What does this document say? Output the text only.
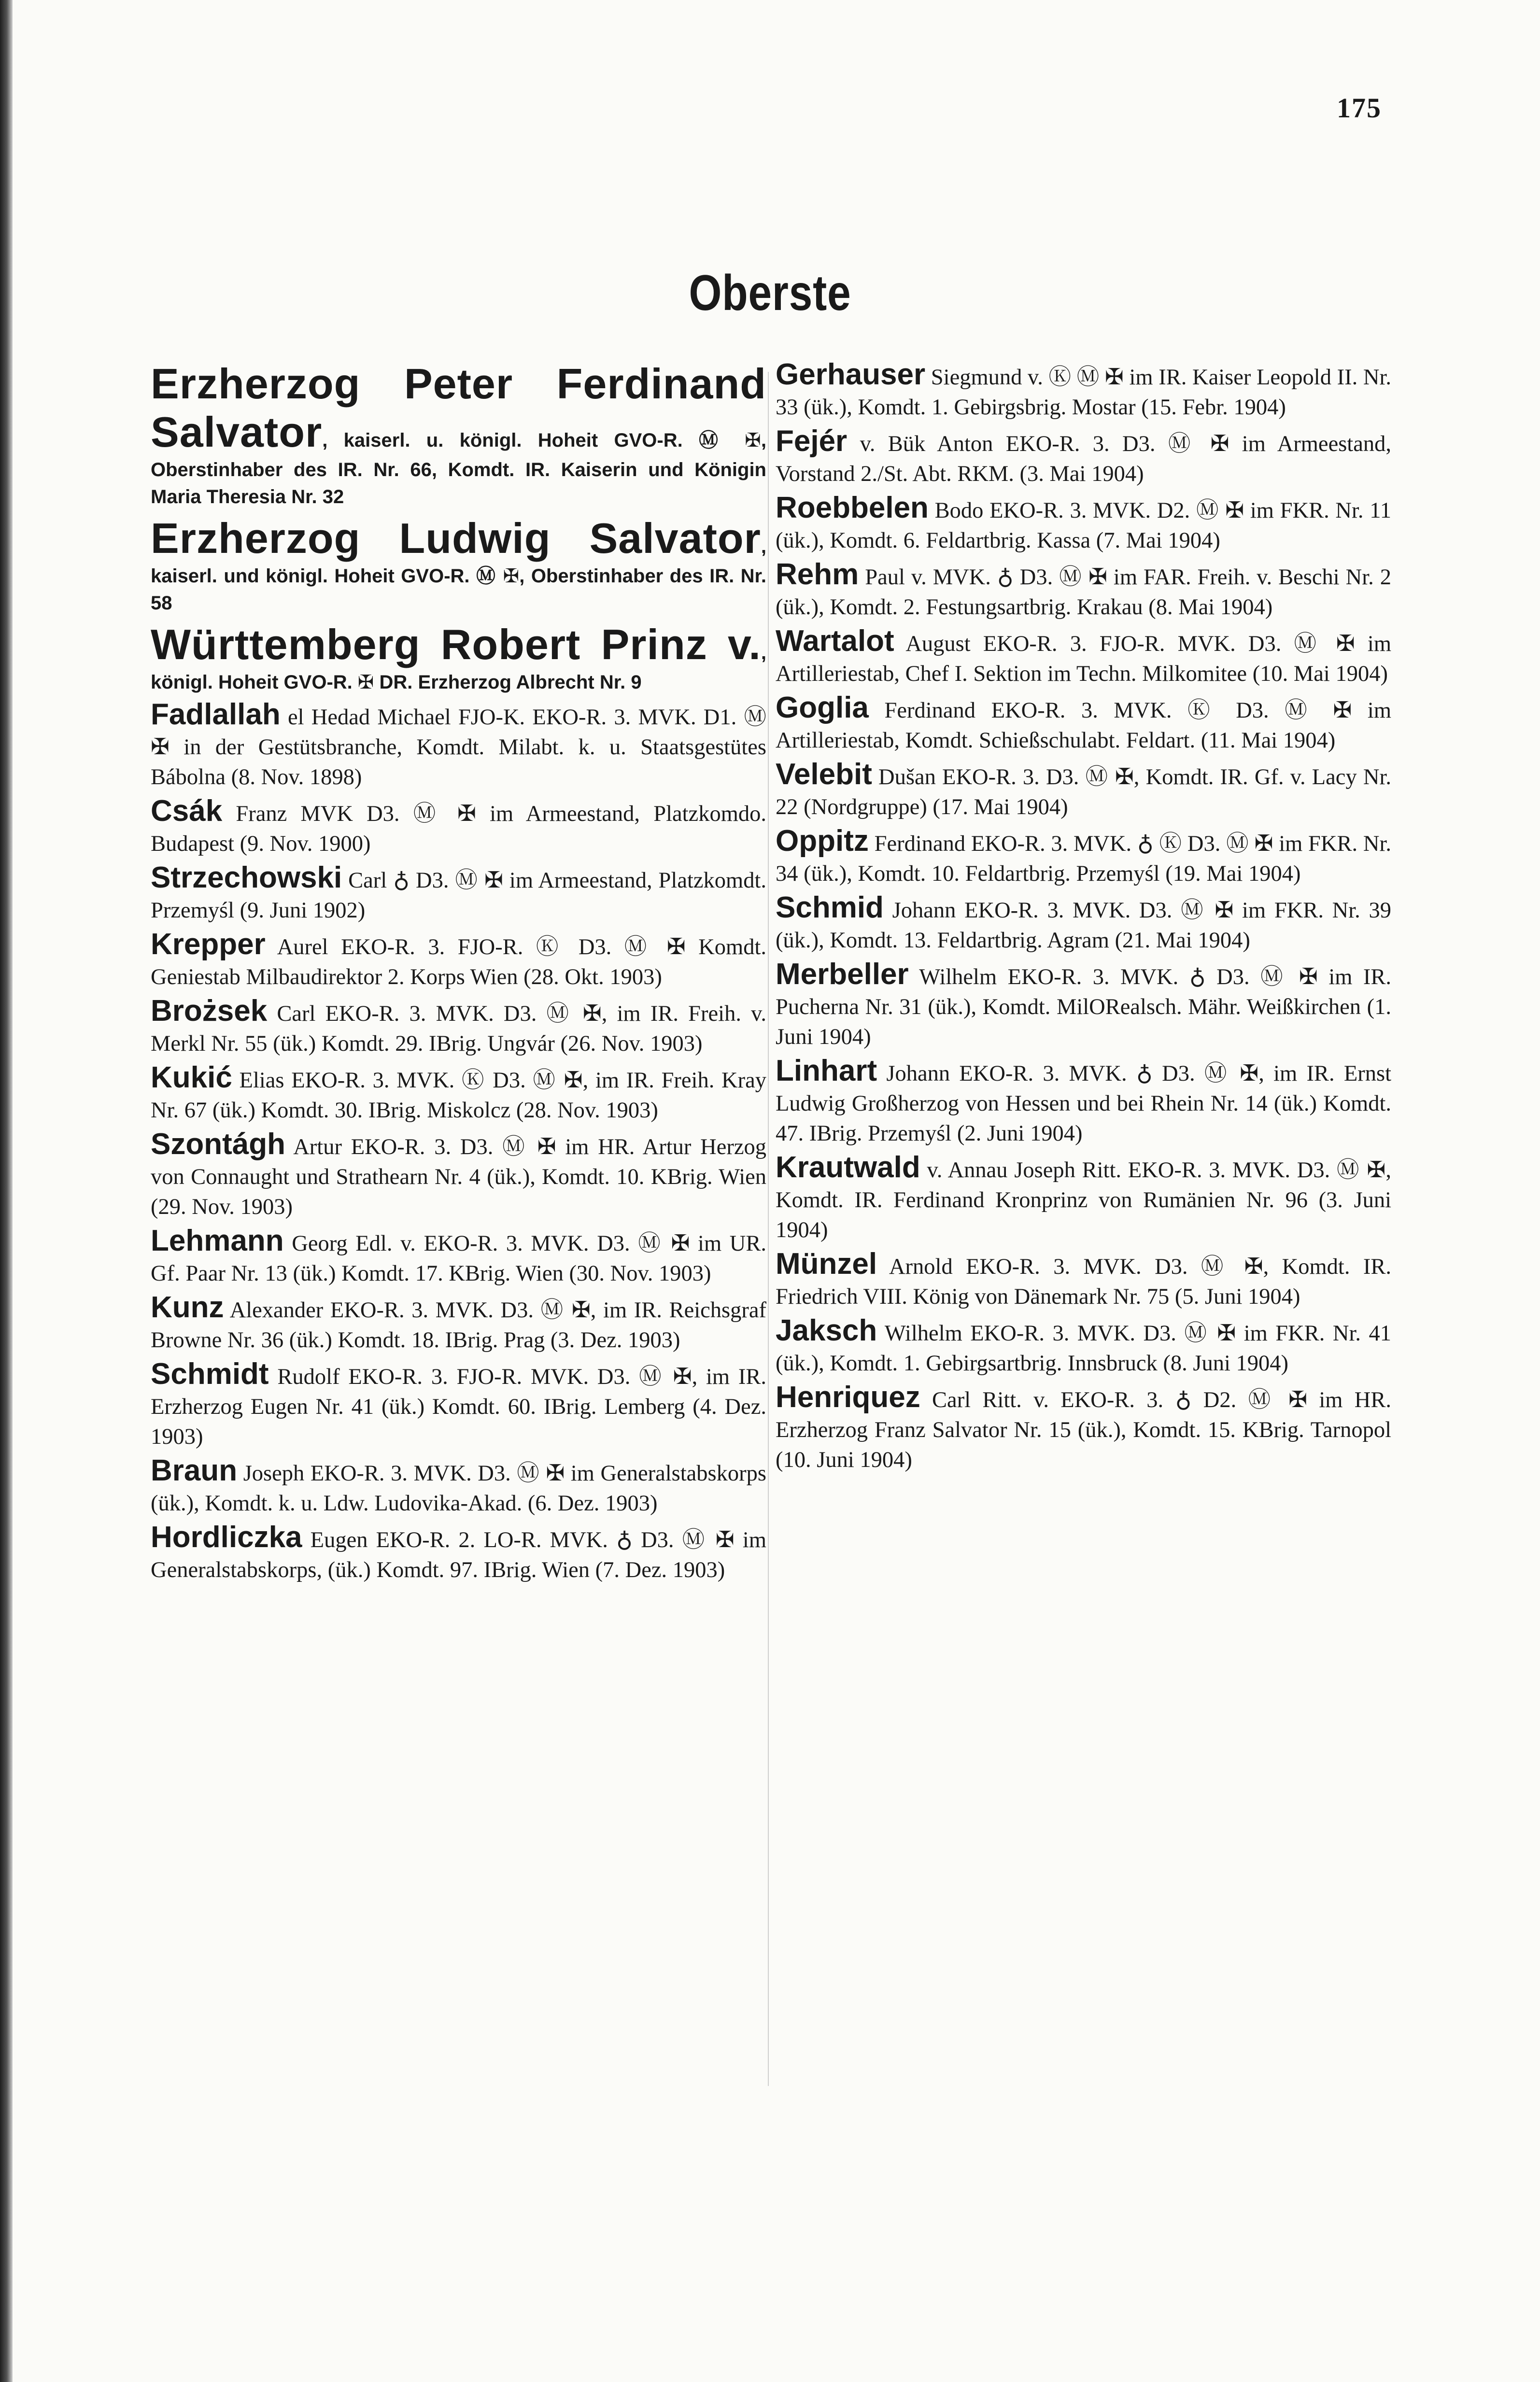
175
Oberste
Erzherzog Peter Ferdinand Salvator, kaiserl. u. königl. Hoheit GVO-R. Ⓜ ✠, Oberstinhaber des IR. Nr. 66, Komdt. IR. Kaiserin und Königin Maria Theresia Nr. 32
Erzherzog Ludwig Salvator, kaiserl. und königl. Hoheit GVO-R. Ⓜ ✠, Oberstinhaber des IR. Nr. 58
Württemberg Robert Prinz v., königl. Hoheit GVO-R. ✠ DR. Erzherzog Albrecht Nr. 9
Fadlallah el Hedad Michael FJO-K. EKO-R. 3. MVK. D1. Ⓜ ✠ in der Gestütsbranche, Komdt. Milabt. k. u. Staatsgestütes Bábolna (8. Nov. 1898)
Csák Franz MVK D3. Ⓜ ✠ im Armeestand, Platzkomdo. Budapest (9. Nov. 1900)
Strzechowski Carl ♁ D3. Ⓜ ✠ im Armeestand, Platzkomdt. Przemyśl (9. Juni 1902)
Krepper Aurel EKO-R. 3. FJO-R. Ⓚ D3. Ⓜ ✠ Komdt. Geniestab Milbaudirektor 2. Korps Wien (28. Okt. 1903)
Brożsek Carl EKO-R. 3. MVK. D3. Ⓜ ✠, im IR. Freih. v. Merkl Nr. 55 (ük.) Komdt. 29. IBrig. Ungvár (26. Nov. 1903)
Kukić Elias EKO-R. 3. MVK. Ⓚ D3. Ⓜ ✠, im IR. Freih. Kray Nr. 67 (ük.) Komdt. 30. IBrig. Miskolcz (28. Nov. 1903)
Szontágh Artur EKO-R. 3. D3. Ⓜ ✠ im HR. Artur Herzog von Connaught und Strathearn Nr. 4 (ük.), Komdt. 10. KBrig. Wien (29. Nov. 1903)
Lehmann Georg Edl. v. EKO-R. 3. MVK. D3. Ⓜ ✠ im UR. Gf. Paar Nr. 13 (ük.) Komdt. 17. KBrig. Wien (30. Nov. 1903)
Kunz Alexander EKO-R. 3. MVK. D3. Ⓜ ✠, im IR. Reichsgraf Browne Nr. 36 (ük.) Komdt. 18. IBrig. Prag (3. Dez. 1903)
Schmidt Rudolf EKO-R. 3. FJO-R. MVK. D3. Ⓜ ✠, im IR. Erzherzog Eugen Nr. 41 (ük.) Komdt. 60. IBrig. Lemberg (4. Dez. 1903)
Braun Joseph EKO-R. 3. MVK. D3. Ⓜ ✠ im Generalstabskorps (ük.), Komdt. k. u. Ldw. Ludovika-Akad. (6. Dez. 1903)
Hordliczka Eugen EKO-R. 2. LO-R. MVK. ♁ D3. Ⓜ ✠ im Generalstabskorps, (ük.) Komdt. 97. IBrig. Wien (7. Dez. 1903)
Gerhauser Siegmund v. Ⓚ Ⓜ ✠ im IR. Kaiser Leopold II. Nr. 33 (ük.), Komdt. 1. Gebirgsbrig. Mostar (15. Febr. 1904)
Fejér v. Bük Anton EKO-R. 3. D3. Ⓜ ✠ im Armeestand, Vorstand 2./St. Abt. RKM. (3. Mai 1904)
Roebbelen Bodo EKO-R. 3. MVK. D2. Ⓜ ✠ im FKR. Nr. 11 (ük.), Komdt. 6. Feldartbrig. Kassa (7. Mai 1904)
Rehm Paul v. MVK. ♁ D3. Ⓜ ✠ im FAR. Freih. v. Beschi Nr. 2 (ük.), Komdt. 2. Festungsartbrig. Krakau (8. Mai 1904)
Wartalot August EKO-R. 3. FJO-R. MVK. D3. Ⓜ ✠ im Artilleriestab, Chef I. Sektion im Techn. Milkomitee (10. Mai 1904)
Goglia Ferdinand EKO-R. 3. MVK. Ⓚ D3. Ⓜ ✠ im Artilleriestab, Komdt. Schießschulabt. Feldart. (11. Mai 1904)
Velebit Dušan EKO-R. 3. D3. Ⓜ ✠, Komdt. IR. Gf. v. Lacy Nr. 22 (Nordgruppe) (17. Mai 1904)
Oppitz Ferdinand EKO-R. 3. MVK. ♁ Ⓚ D3. Ⓜ ✠ im FKR. Nr. 34 (ük.), Komdt. 10. Feldartbrig. Przemyśl (19. Mai 1904)
Schmid Johann EKO-R. 3. MVK. D3. Ⓜ ✠ im FKR. Nr. 39 (ük.), Komdt. 13. Feldartbrig. Agram (21. Mai 1904)
Merbeller Wilhelm EKO-R. 3. MVK. ♁ D3. Ⓜ ✠ im IR. Pucherna Nr. 31 (ük.), Komdt. MilORealsch. Mähr. Weißkirchen (1. Juni 1904)
Linhart Johann EKO-R. 3. MVK. ♁ D3. Ⓜ ✠, im IR. Ernst Ludwig Großherzog von Hessen und bei Rhein Nr. 14 (ük.) Komdt. 47. IBrig. Przemyśl (2. Juni 1904)
Krautwald v. Annau Joseph Ritt. EKO-R. 3. MVK. D3. Ⓜ ✠, Komdt. IR. Ferdinand Kronprinz von Rumänien Nr. 96 (3. Juni 1904)
Münzel Arnold EKO-R. 3. MVK. D3. Ⓜ ✠, Komdt. IR. Friedrich VIII. König von Dänemark Nr. 75 (5. Juni 1904)
Jaksch Wilhelm EKO-R. 3. MVK. D3. Ⓜ ✠ im FKR. Nr. 41 (ük.), Komdt. 1. Gebirgsartbrig. Innsbruck (8. Juni 1904)
Henriquez Carl Ritt. v. EKO-R. 3. ♁ D2. Ⓜ ✠ im HR. Erzherzog Franz Salvator Nr. 15 (ük.), Komdt. 15. KBrig. Tarnopol (10. Juni 1904)
